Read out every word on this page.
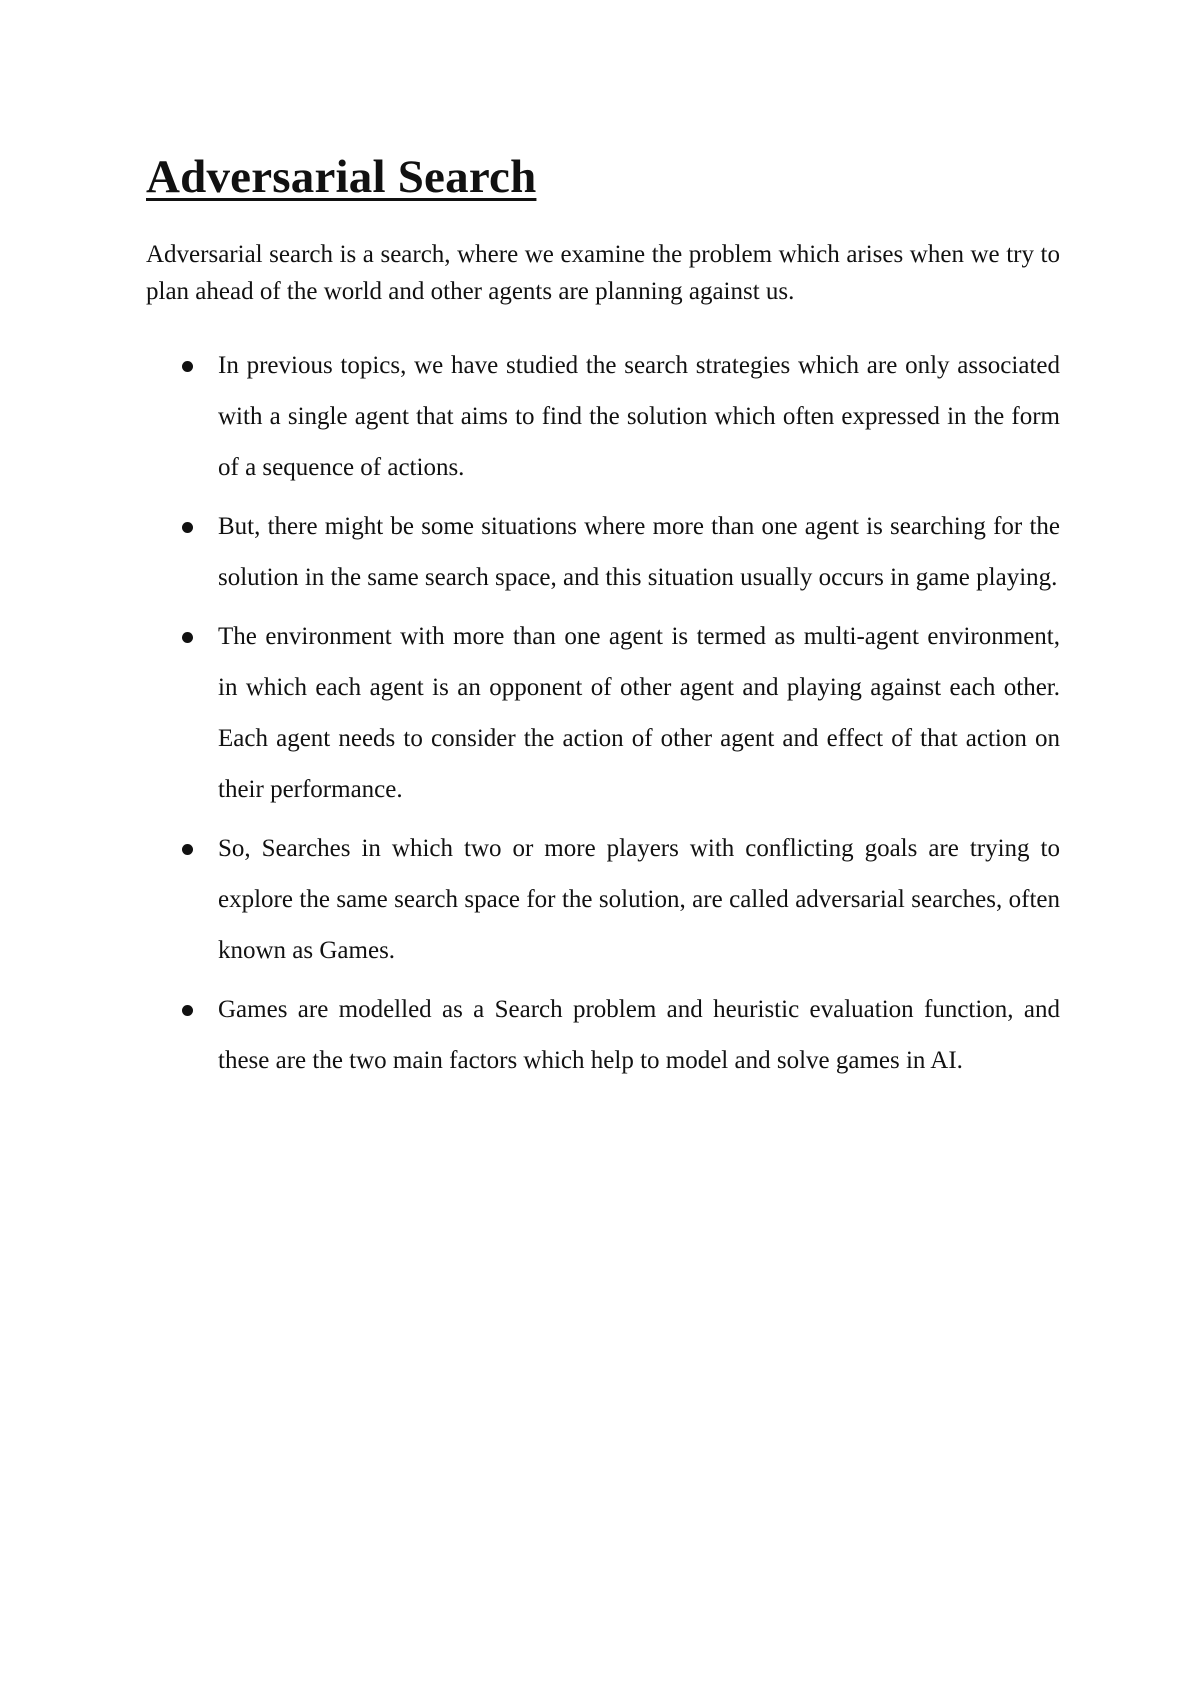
Adversarial Search

Adversarial search is a search, where we examine the problem which arises when we try to plan ahead of the world and other agents are planning against us.

In previous topics, we have studied the search strategies which are only associated with a single agent that aims to find the solution which often expressed in the form of a sequence of actions.
But, there might be some situations where more than one agent is searching for the solution in the same search space, and this situation usually occurs in game playing.
The environment with more than one agent is termed as multi-agent environment, in which each agent is an opponent of other agent and playing against each other. Each agent needs to consider the action of other agent and effect of that action on their performance.
So, Searches in which two or more players with conflicting goals are trying to explore the same search space for the solution, are called adversarial searches, often known as Games.
Games are modelled as a Search problem and heuristic evaluation function, and these are the two main factors which help to model and solve games in AI.
